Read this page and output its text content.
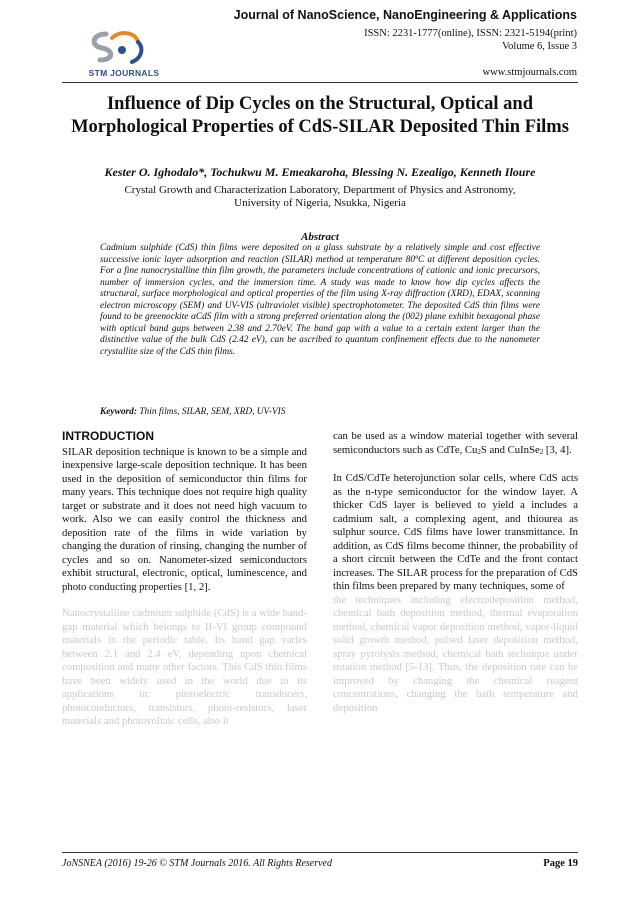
STM JOURNALS
Journal of NanoScience, NanoEngineering & Applications
ISSN: 2231-1777(online), ISSN: 2321-5194(print)
Volume 6, Issue 3
www.stmjournals.com
Influence of Dip Cycles on the Structural, Optical and Morphological Properties of CdS-SILAR Deposited Thin Films
Kester O. Ighodalo*, Tochukwu M. Emeakaroha, Blessing N. Ezealigo, Kenneth Iloure
Crystal Growth and Characterization Laboratory, Department of Physics and Astronomy,
University of Nigeria, Nsukka, Nigeria
Abstract
Cadmium sulphide (CdS) thin films were deposited on a glass substrate by a relatively simple and cost effective successive ionic layer adsorption and reaction (SILAR) method at temperature 80ºC at different deposition cycles. For a fine nanocrystalline thin film growth, the parameters include concentrations of cationic and ionic precursors, number of immersion cycles, and the immersion time. A study was made to know how dip cycles affects the structural, surface morphological and optical properties of the film using X-ray diffraction (XRD), EDAX, scanning electron microscopy (SEM) and UV-VIS (ultraviolet visible) spectrophotometer. The deposited CdS thin films were found to be greenockite αCdS film with a strong preferred orientation along the (002) plane exhibit hexagonal phase with optical band gaps between 2.38 and 2.70eV. The band gap with a value to a certain extent larger than the distinctive value of the bulk CdS (2.42 eV), can be ascribed to quantum confinement effects due to the nanometer crystallite size of the CdS thin films.
Keyword: Thin films, SILAR, SEM, XRD, UV-VIS
INTRODUCTION

SILAR deposition technique is known to be a simple and inexpensive large-scale deposition technique. It has been used in the deposition of semiconductor thin films for many years. This technique does not require high quality target or substrate and it does not need high vacuum to work. Also we can easily control the thickness and deposition rate of the films in wide variation by changing the duration of rinsing, changing the number of cycles and so on. Nanometer-sized semiconductors exhibit structural, electronic, optical, luminescence, and photo conducting properties [1, 2].

Nanocrystalline cadmium sulphide (CdS) is a wide band-gap material which belongs to II-VI group compound materials in the periodic table. Its band gap varies between 2.1 and 2.4 eV, depending upon chemical composition and many other factors. This CdS thin films have been widely used in the world due to its applications in: piezoelectric transducers, photoconductors, transistors, photo-resistors, laser materials and photovoltaic cells, also it

can be used as a window material together with several semiconductors such as CdTe, $Cu_2S$ and CuInSe$_2$ [3, 4].

In CdS/CdTe heterojunction solar cells, where CdS acts as the n-type semiconductor for the window layer. A thicker CdS layer is believed to yield a includes a cadmium salt, a complexing agent, and thiourea as sulphur source. CdS films have lower transmittance. In addition, as CdS films become thinner, the probability of a short circuit between the CdTe and the front contact increases. The SILAR process for the preparation of CdS thin films been prepared by many techniques, some of

the techniques including electrodeposition method, chemical bath deposition method, thermal evaporation method, chemical vapor deposition method, vapor-liquid solid growth method, pulsed laser deposition method, spray pyrolysis method, chemical bath technique under rotation method [5-13]. Thus, the deposition rate can be improved by changing the chemical reagent concentrations, changing the bath temperature and deposition

JoNSNEA (2016) 19-26 © STM Journals 2016. All Rights Reserved	Page 19
